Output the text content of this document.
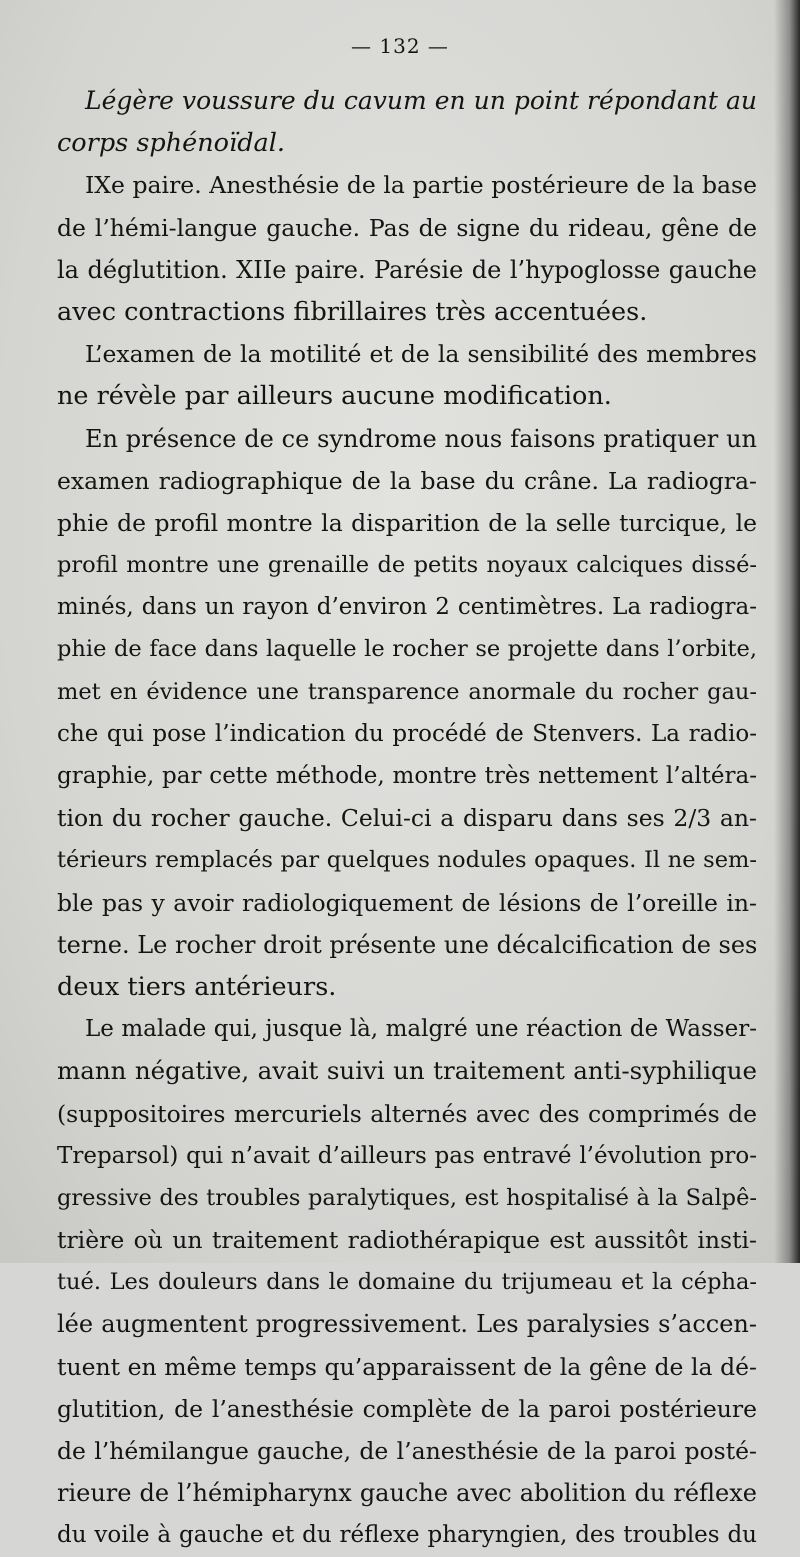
— 132 —
Légère voussure du cavum en un point répondant au
corps sphénoïdal.
IXe paire. Anesthésie de la partie postérieure de la base
de l’hémi-langue gauche. Pas de signe du rideau, gêne de
la déglutition. XIIe paire. Parésie de l’hypoglosse gauche
avec contractions fibrillaires très accentuées.
L’examen de la motilité et de la sensibilité des membres
ne révèle par ailleurs aucune modification.
En présence de ce syndrome nous faisons pratiquer un
examen radiographique de la base du crâne. La radiogra-
phie de profil montre la disparition de la selle turcique, le
profil montre une grenaille de petits noyaux calciques dissé-
minés, dans un rayon d’environ 2 centimètres. La radiogra-
phie de face dans laquelle le rocher se projette dans l’orbite,
met en évidence une transparence anormale du rocher gau-
che qui pose l’indication du procédé de Stenvers. La radio-
graphie, par cette méthode, montre très nettement l’altéra-
tion du rocher gauche. Celui-ci a disparu dans ses 2/3 an-
térieurs remplacés par quelques nodules opaques. Il ne sem-
ble pas y avoir radiologiquement de lésions de l’oreille in-
terne. Le rocher droit présente une décalcification de ses
deux tiers antérieurs.
Le malade qui, jusque là, malgré une réaction de Wasser-
mann négative, avait suivi un traitement anti-syphilique
(suppositoires mercuriels alternés avec des comprimés de
Treparsol) qui n’avait d’ailleurs pas entravé l’évolution pro-
gressive des troubles paralytiques, est hospitalisé à la Salpê-
trière où un traitement radiothérapique est aussitôt insti-
tué. Les douleurs dans le domaine du trijumeau et la cépha-
lée augmentent progressivement. Les paralysies s’accen-
tuent en même temps qu’apparaissent de la gêne de la dé-
glutition, de l’anesthésie complète de la paroi postérieure
de l’hémilangue gauche, de l’anesthésie de la paroi posté-
rieure de l’hémipharynx gauche avec abolition du réflexe
du voile à gauche et du réflexe pharyngien, des troubles du
